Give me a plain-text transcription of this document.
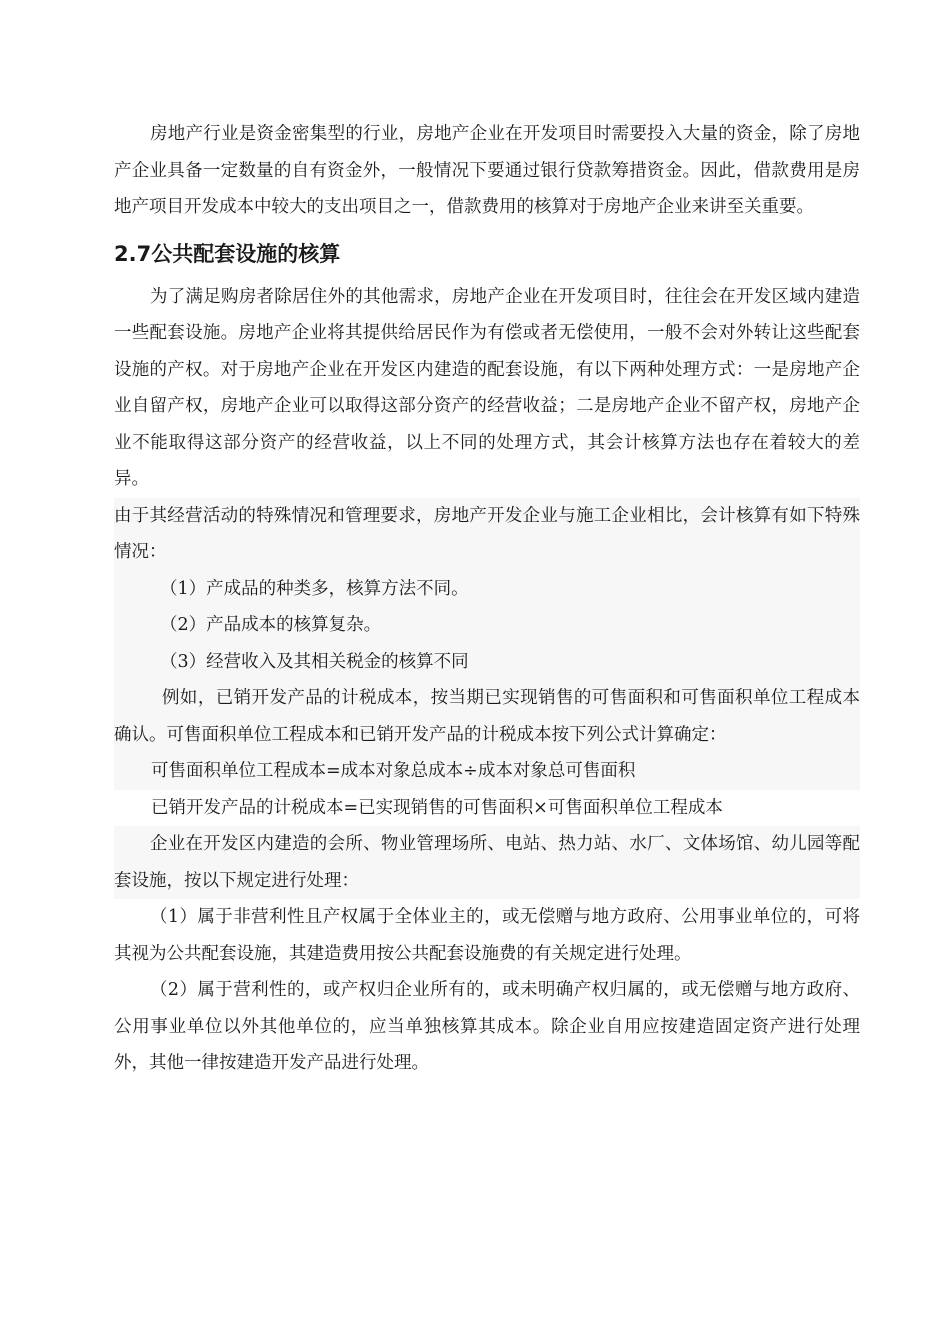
房地产行业是资金密集型的行业，房地产企业在开发项目时需要投入大量的资金，除了房地产企业具备一定数量的自有资金外，一般情况下要通过银行贷款筹措资金。因此，借款费用是房地产项目开发成本中较大的支出项目之一，借款费用的核算对于房地产企业来讲至关重要。

2.7公共配套设施的核算

为了满足购房者除居住外的其他需求，房地产企业在开发项目时，往往会在开发区域内建造一些配套设施。房地产企业将其提供给居民作为有偿或者无偿使用，一般不会对外转让这些配套设施的产权。对于房地产企业在开发区内建造的配套设施，有以下两种处理方式：一是房地产企业自留产权，房地产企业可以取得这部分资产的经营收益；二是房地产企业不留产权，房地产企业不能取得这部分资产的经营收益，以上不同的处理方式，其会计核算方法也存在着较大的差异。

由于其经营活动的特殊情况和管理要求，房地产开发企业与施工企业相比，会计核算有如下特殊情况：

（1）产成品的种类多，核算方法不同。

（2）产品成本的核算复杂。

（3）经营收入及其相关税金的核算不同

例如，已销开发产品的计税成本，按当期已实现销售的可售面积和可售面积单位工程成本确认。可售面积单位工程成本和已销开发产品的计税成本按下列公式计算确定：

可售面积单位工程成本=成本对象总成本÷成本对象总可售面积

已销开发产品的计税成本=已实现销售的可售面积×可售面积单位工程成本

企业在开发区内建造的会所、物业管理场所、电站、热力站、水厂、文体场馆、幼儿园等配套设施，按以下规定进行处理：

（1）属于非营利性且产权属于全体业主的，或无偿赠与地方政府、公用事业单位的，可将其视为公共配套设施，其建造费用按公共配套设施费的有关规定进行处理。

（2）属于营利性的，或产权归企业所有的，或未明确产权归属的，或无偿赠与地方政府、公用事业单位以外其他单位的，应当单独核算其成本。除企业自用应按建造固定资产进行处理外，其他一律按建造开发产品进行处理。
